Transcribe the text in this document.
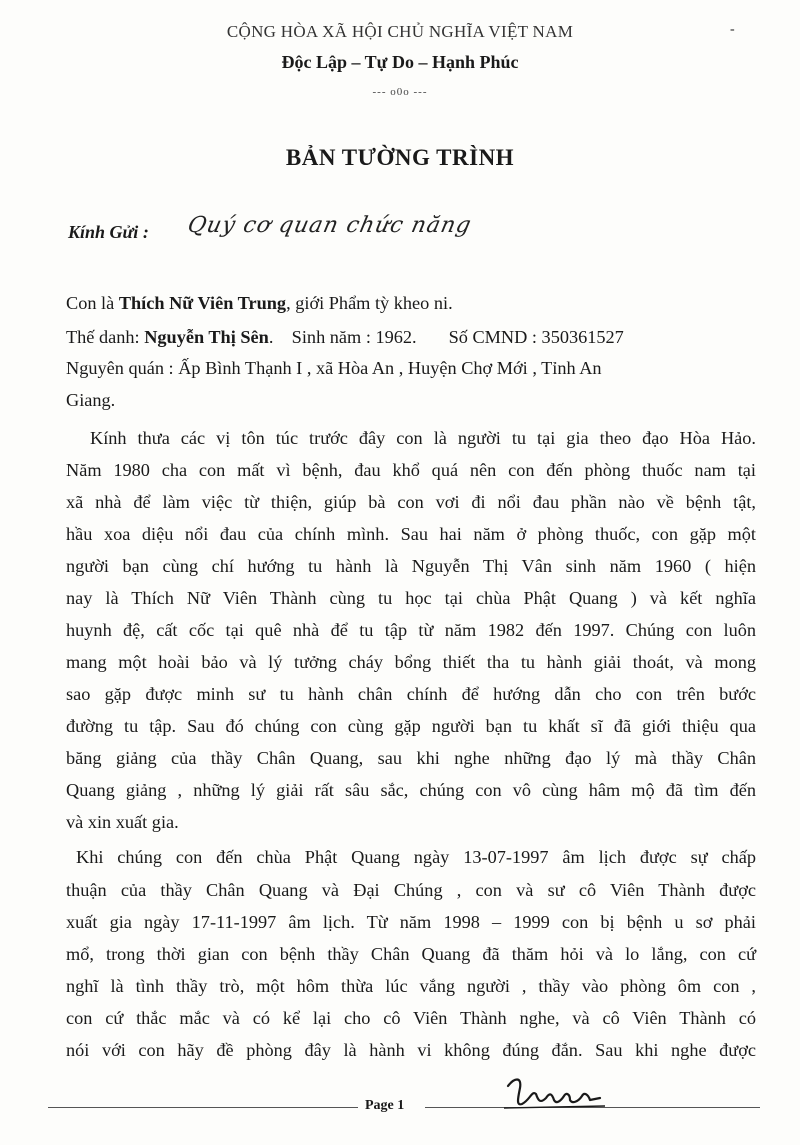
-
CỘNG HÒA XÃ HỘI CHỦ NGHĨA VIỆT NAM
Độc Lập – Tự Do – Hạnh Phúc
--- o0o ---
BẢN TƯỜNG TRÌNH
Kính Gửi : Quý cơ quan chức năng
Con là Thích Nữ Viên Trung, giới Phẩm tỳ kheo ni.
Thế danh: Nguyễn Thị Sên.    Sinh năm : 1962.       Số CMND : 350361527
Nguyên quán : Ấp Bình Thạnh I , xã Hòa An , Huyện Chợ Mới , Tỉnh An
Giang.
Kính thưa các vị tôn túc trước đây con là người tu tại gia theo đạo Hòa Hảo.
Năm 1980 cha con mất vì bệnh, đau khổ quá nên con đến phòng thuốc nam tại
xã nhà để làm việc từ thiện, giúp bà con vơi đi nổi đau phần nào về bệnh tật,
hầu xoa diệu nổi đau của chính mình. Sau hai năm ở phòng thuốc, con gặp một
người bạn cùng chí hướng tu hành là Nguyễn Thị Vân sinh năm 1960 ( hiện
nay là Thích Nữ Viên Thành cùng tu học tại chùa Phật Quang ) và kết nghĩa
huynh đệ, cất cốc tại quê nhà để tu tập từ năm 1982 đến 1997. Chúng con luôn
mang một hoài bảo và lý tưởng cháy bổng thiết tha tu hành giải thoát, và mong
sao gặp được minh sư tu hành chân chính để hướng dẫn cho con trên bước
đường tu tập. Sau đó chúng con cùng gặp người bạn tu khất sĩ đã giới thiệu qua
băng giảng của thầy Chân Quang, sau khi nghe những đạo lý mà thầy Chân
Quang giảng , những lý giải rất sâu sắc, chúng con vô cùng hâm mộ đã tìm đến
và xin xuất gia.
Khi chúng con đến chùa Phật Quang ngày 13-07-1997 âm lịch được sự chấp
thuận của thầy Chân Quang và Đại Chúng , con và sư cô Viên Thành được
xuất gia ngày 17-11-1997 âm lịch. Từ năm 1998 – 1999 con bị bệnh u sơ phải
mổ, trong thời gian con bệnh thầy Chân Quang đã thăm hỏi và lo lắng, con cứ
nghĩ là tình thầy trò, một hôm thừa lúc vắng người , thầy vào phòng ôm con ,
con cứ thắc mắc và có kể lại cho cô Viên Thành nghe, và cô Viên Thành có
nói với con hãy đề phòng đây là hành vi không đúng đắn. Sau khi nghe được
Page 1
